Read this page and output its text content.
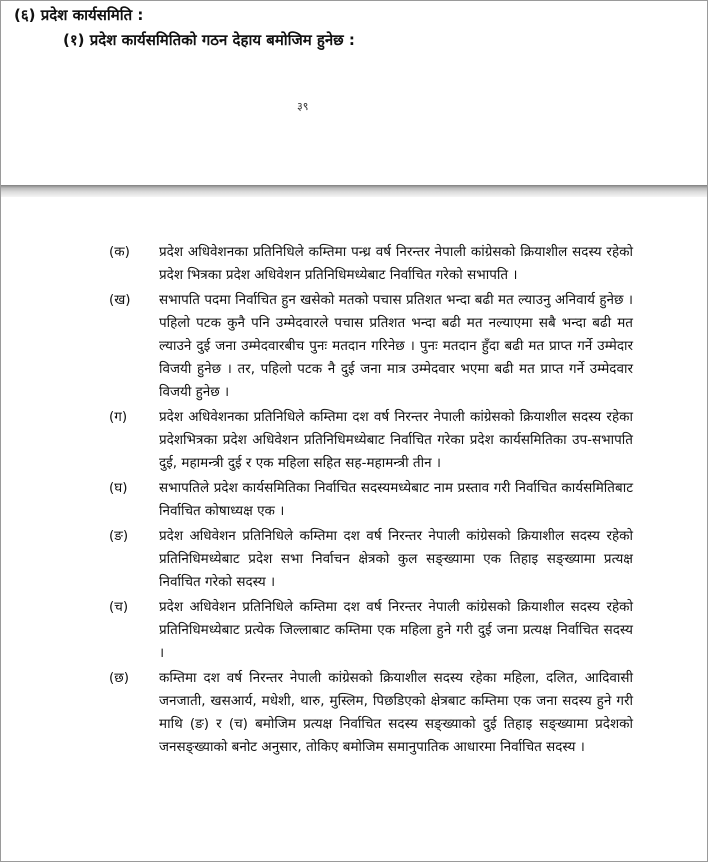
(६) प्रदेश कार्यसमिति :
(१) प्रदेश कार्यसमितिको गठन देहाय बमोजिम हुनेछ :
३९
(क)	प्रदेश अधिवेशनका प्रतिनिधिले कम्तिमा पन्ध्र वर्ष निरन्तर नेपाली कांग्रेसको क्रियाशील सदस्य रहेको प्रदेश भित्रका प्रदेश अधिवेशन प्रतिनिधिमध्येबाट निर्वाचित गरेको सभापति ।
(ख)	सभापति पदमा निर्वाचित हुन खसेको मतको पचास प्रतिशत भन्दा बढी मत ल्याउनु अनिवार्य हुनेछ । पहिलो पटक कुनै पनि उम्मेदवारले पचास प्रतिशत भन्दा बढी मत नल्याएमा सबै भन्दा बढी मत ल्याउने दुई जना उम्मेदवारबीच पुनः मतदान गरिनेछ । पुनः मतदान हुँदा बढी मत प्राप्त गर्ने उम्मेदार विजयी हुनेछ । तर, पहिलो पटक नै दुई जना मात्र उम्मेदवार भएमा बढी मत प्राप्त गर्ने उम्मेदवार विजयी हुनेछ ।
(ग)	प्रदेश अधिवेशनका प्रतिनिधिले कम्तिमा दश वर्ष निरन्तर नेपाली कांग्रेसको क्रियाशील सदस्य रहेका प्रदेशभित्रका प्रदेश अधिवेशन प्रतिनिधिमध्येबाट निर्वाचित गरेका प्रदेश कार्यसमितिका उप-सभापति दुई, महामन्त्री दुई र एक महिला सहित सह-महामन्त्री तीन ।
(घ)	सभापतिले प्रदेश कार्यसमितिका निर्वाचित सदस्यमध्येबाट नाम प्रस्ताव गरी निर्वाचित कार्यसमितिबाट निर्वाचित कोषाध्यक्ष एक ।
(ङ)	प्रदेश अधिवेशन प्रतिनिधिले कम्तिमा दश वर्ष निरन्तर नेपाली कांग्रेसको क्रियाशील सदस्य रहेको प्रतिनिधिमध्येबाट प्रदेश सभा निर्वाचन क्षेत्रको कुल सङ्ख्यामा एक तिहाइ सङ्ख्यामा प्रत्यक्ष निर्वाचित गरेको सदस्य ।
(च)	प्रदेश अधिवेशन प्रतिनिधिले कम्तिमा दश वर्ष निरन्तर नेपाली कांग्रेसको क्रियाशील सदस्य रहेको प्रतिनिधिमध्येबाट प्रत्येक जिल्लाबाट कम्तिमा एक महिला हुने गरी दुई जना प्रत्यक्ष निर्वाचित सदस्य ।
(छ)	कम्तिमा दश वर्ष निरन्तर नेपाली कांग्रेसको क्रियाशील सदस्य रहेका महिला, दलित, आदिवासी जनजाती, खसआर्य, मधेशी, थारु, मुस्लिम, पिछडिएको क्षेत्रबाट कम्तिमा एक जना सदस्य हुने गरी माथि (ङ) र (च) बमोजिम प्रत्यक्ष निर्वाचित सदस्य सङ्ख्याको दुई तिहाइ सङ्ख्यामा प्रदेशको जनसङ्ख्याको बनोट अनुसार, तोकिए बमोजिम समानुपातिक आधारमा निर्वाचित सदस्य ।
